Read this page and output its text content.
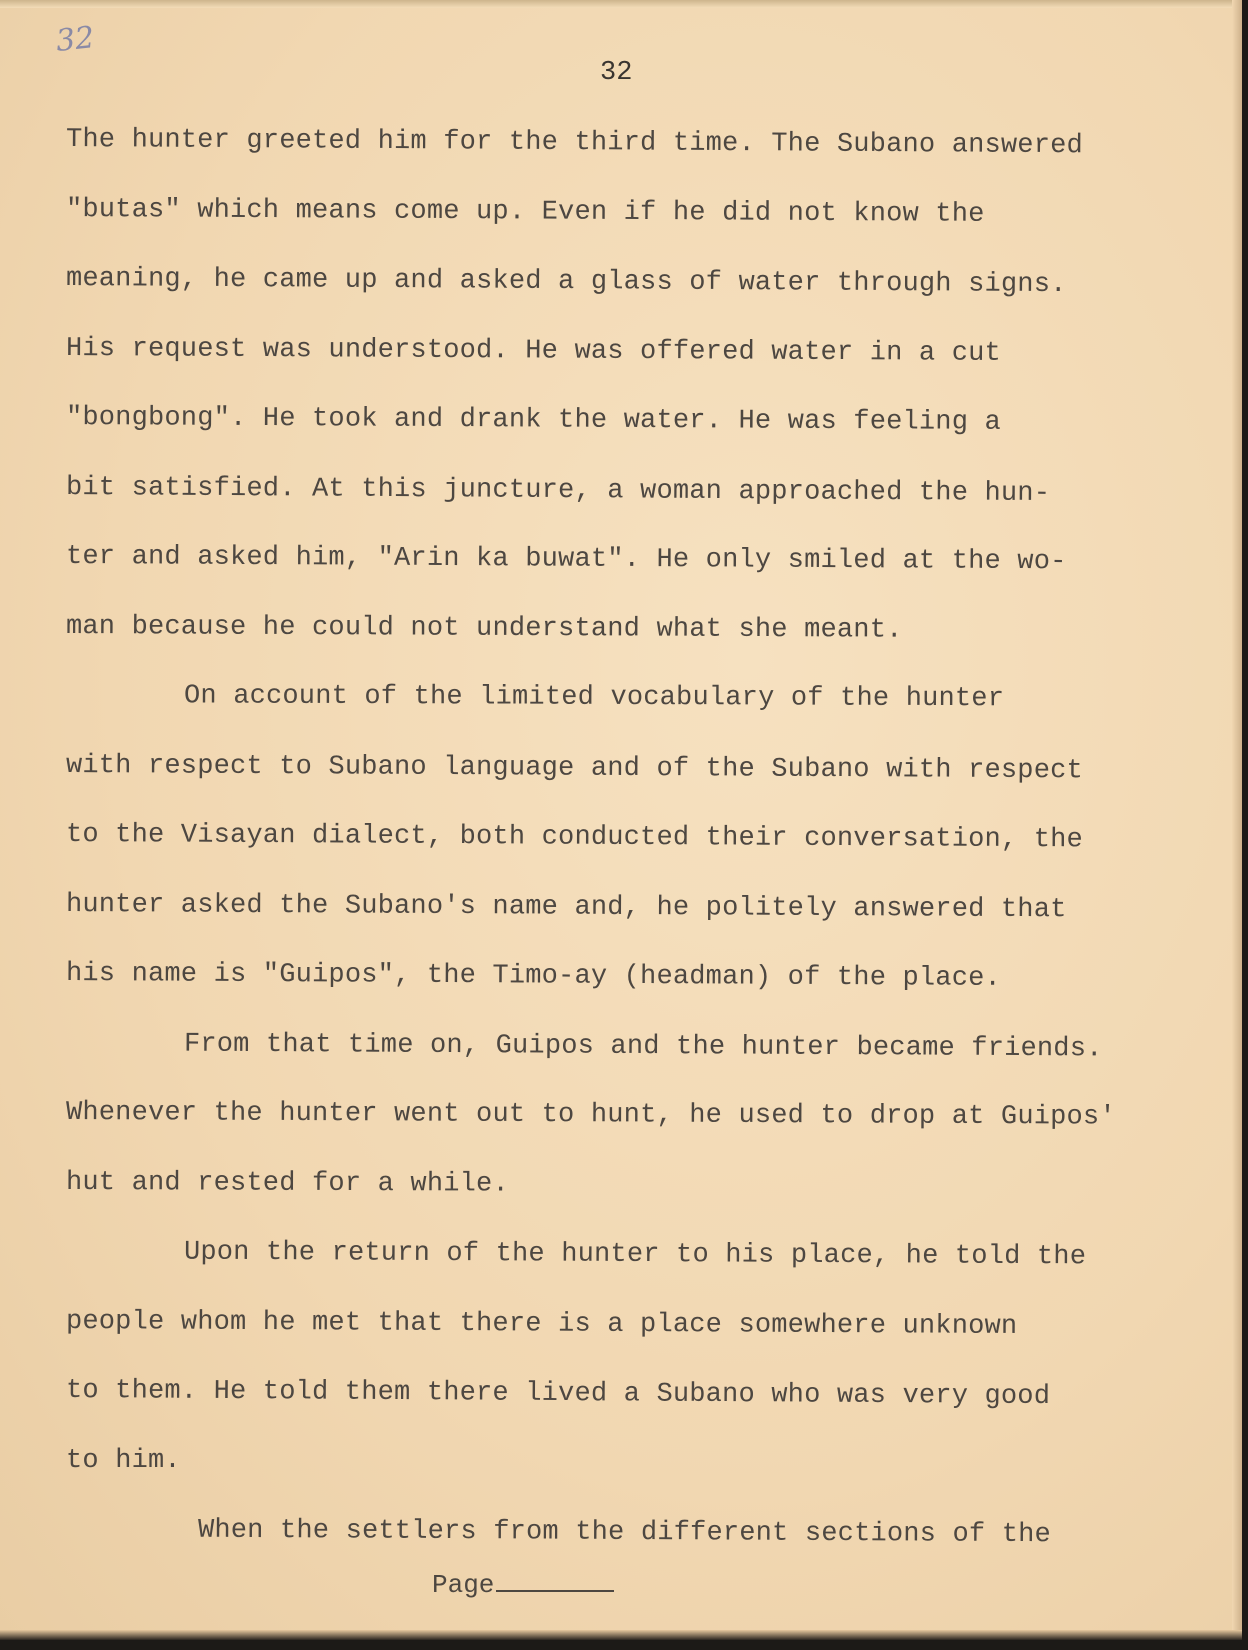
32
32
The hunter greeted him for the third time. The Subano answered
"butas" which means come up. Even if he did not know the
meaning, he came up and asked a glass of water through signs.
His request was understood. He was offered water in a cut
"bongbong". He took and drank the water. He was feeling a
bit satisfied. At this juncture, a woman approached the hun-
ter and asked him, "Arin ka buwat". He only smiled at the wo-
man because he could not understand what she meant.
On account of the limited vocabulary of the hunter
with respect to Subano language and of the Subano with respect
to the Visayan dialect, both conducted their conversation, the
hunter asked the Subano's name and, he politely answered that
his name is "Guipos", the Timo-ay (headman) of the place.
From that time on, Guipos and the hunter became friends.
Whenever the hunter went out to hunt, he used to drop at Guipos'
hut and rested for a while.
Upon the return of the hunter to his place, he told the
people whom he met that there is a place somewhere unknown
to them. He told them there lived a Subano who was very good
to him.
When the settlers from the different sections of the
Page
